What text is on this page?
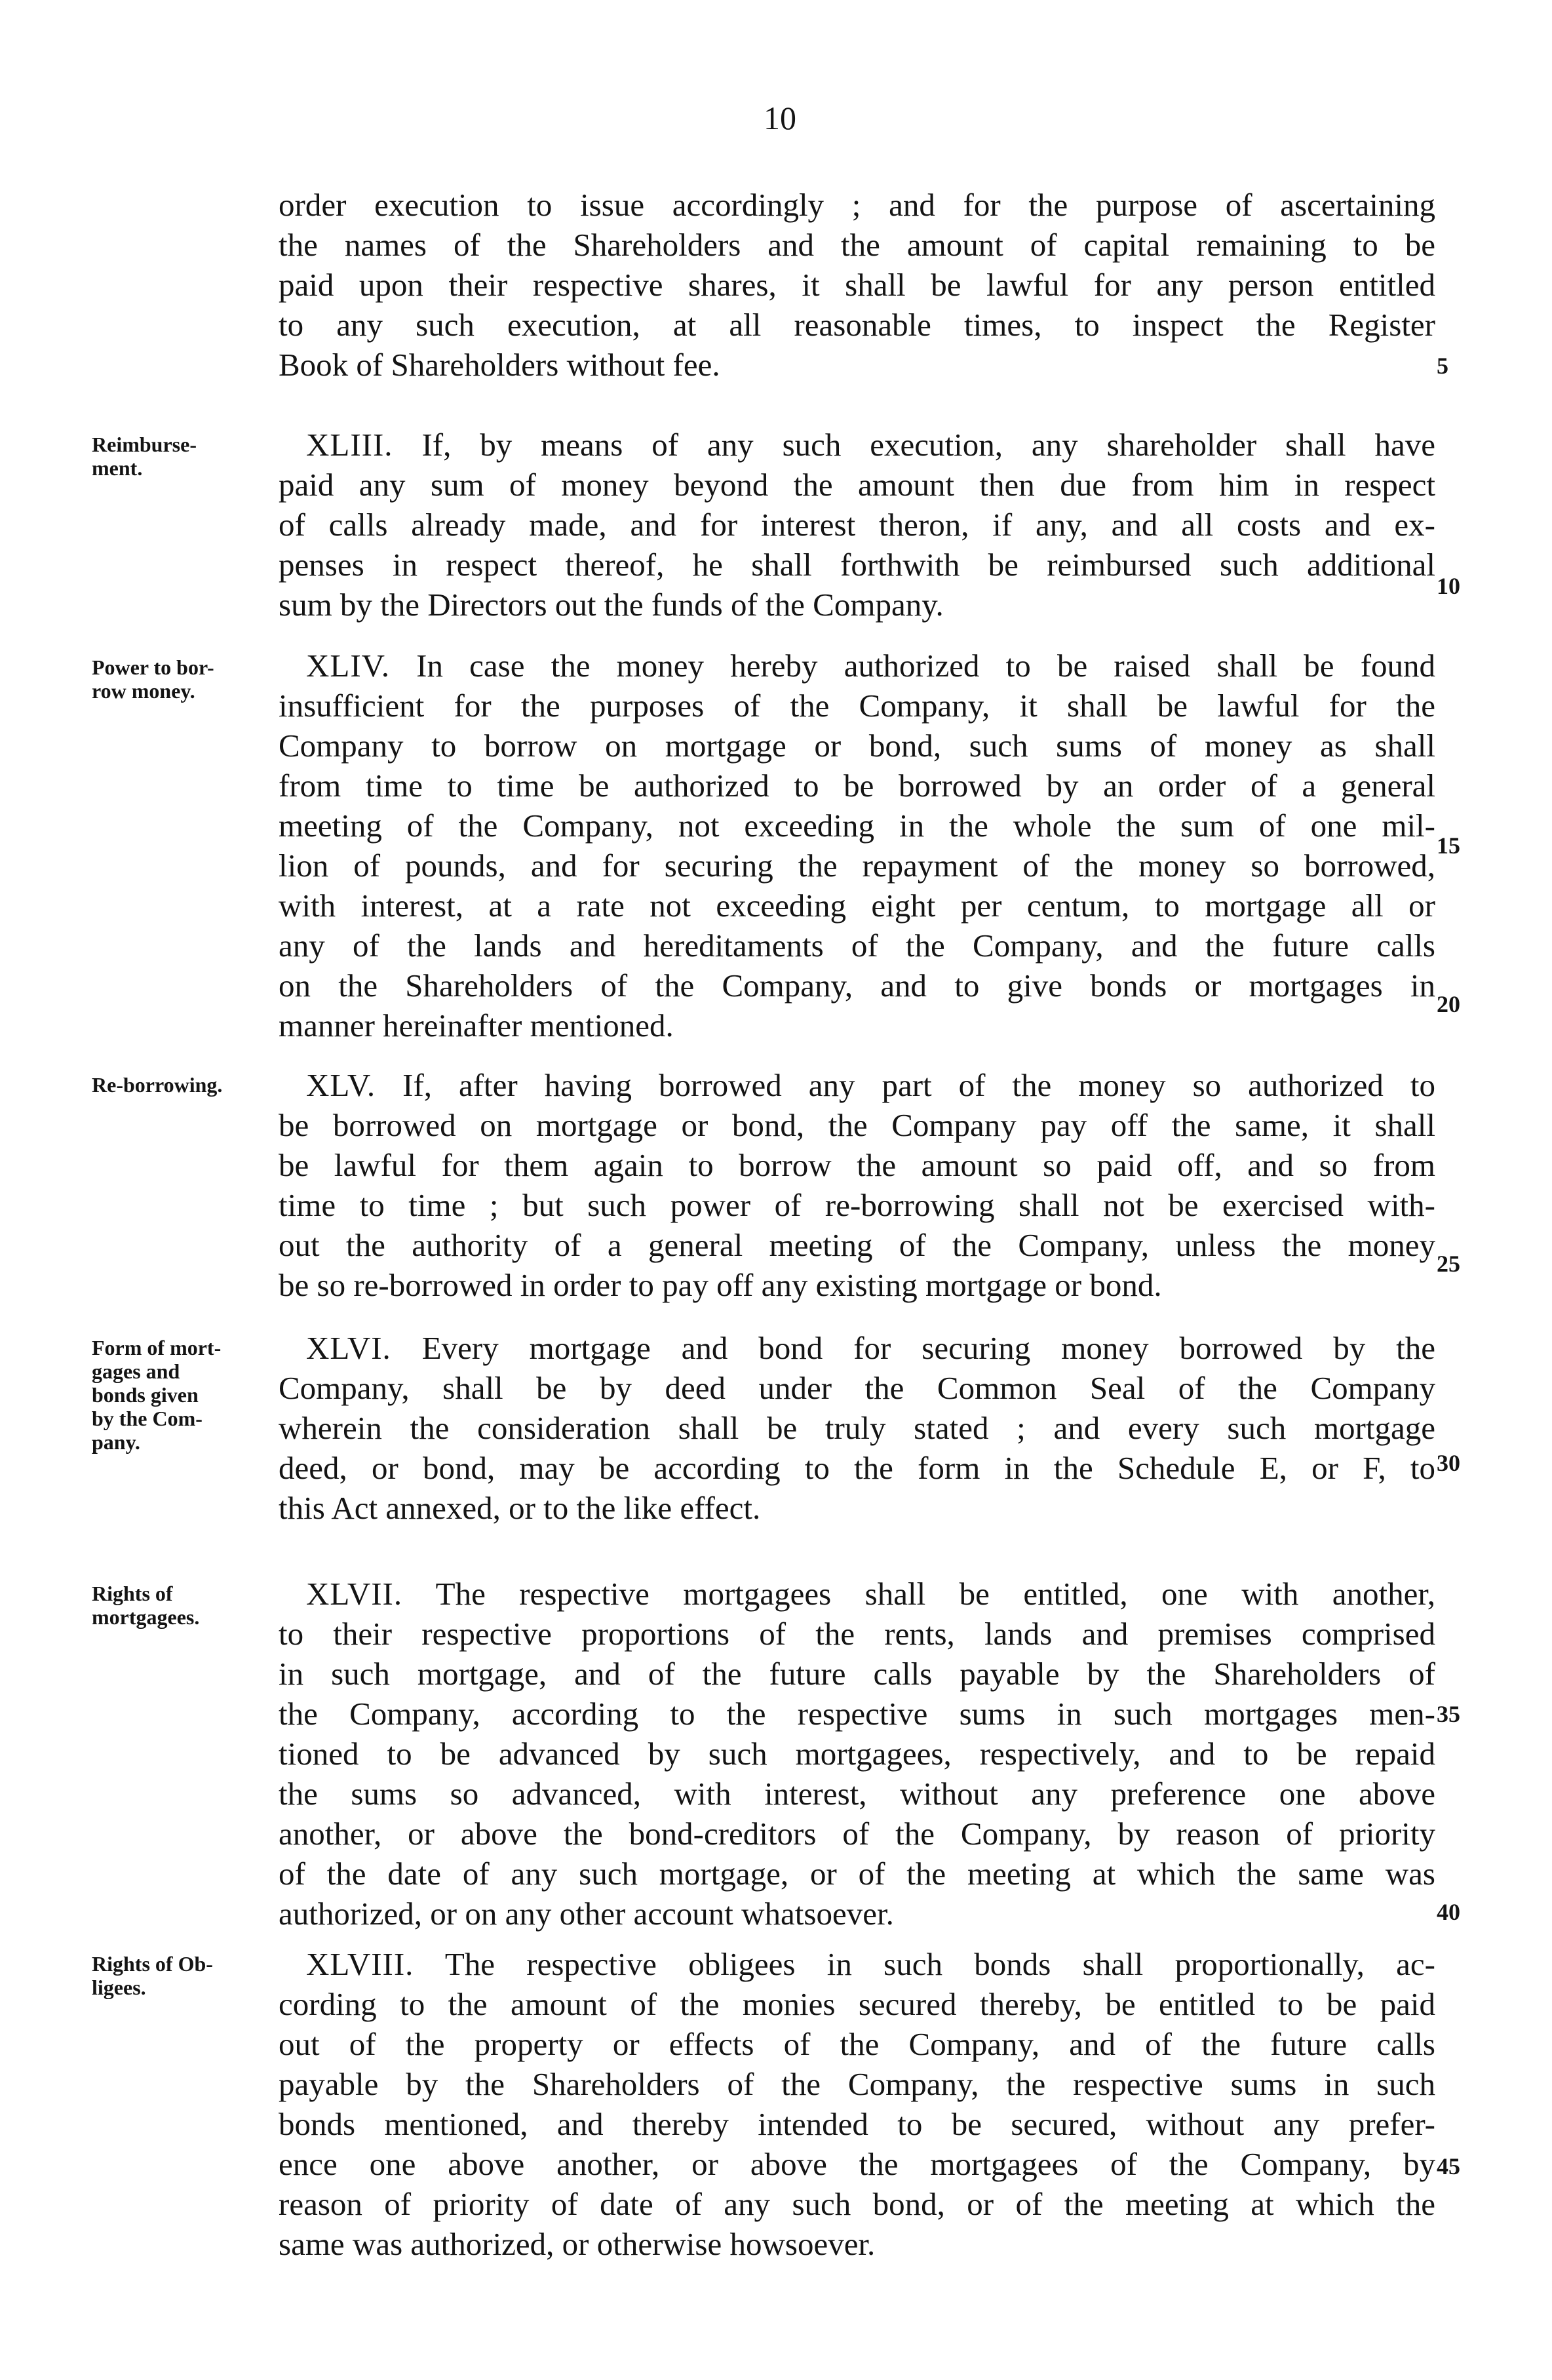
10
order execution to issue accordingly ; and for the purpose of ascertaining
the names of the Shareholders and the amount of capital remaining to be
paid upon their respective shares, it shall be lawful for any person entitled
to any such execution, at all reasonable times, to inspect the Register
Book of Shareholders without fee.
XLIII. If, by means of any such execution, any shareholder shall have
paid any sum of money beyond the amount then due from him in respect
of calls already made, and for interest theron, if any, and all costs and ex-
penses in respect thereof, he shall forthwith be reimbursed such additional
sum by the Directors out the funds of the Company.
XLIV. In case the money hereby authorized to be raised shall be found
insufficient for the purposes of the Company, it shall be lawful for the
Company to borrow on mortgage or bond, such sums of money as shall
from time to time be authorized to be borrowed by an order of a general
meeting of the Company, not exceeding in the whole the sum of one mil-
lion of pounds, and for securing the repayment of the money so borrowed,
with interest, at a rate not exceeding eight per centum, to mortgage all or
any of the lands and hereditaments of the Company, and the future calls
on the Shareholders of the Company, and to give bonds or mortgages in
manner hereinafter mentioned.
XLV. If, after having borrowed any part of the money so authorized to
be borrowed on mortgage or bond, the Company pay off the same, it shall
be lawful for them again to borrow the amount so paid off, and so from
time to time ; but such power of re-borrowing shall not be exercised with-
out the authority of a general meeting of the Company, unless the money
be so re-borrowed in order to pay off any existing mortgage or bond.
XLVI. Every mortgage and bond for securing money borrowed by the
Company, shall be by deed under the Common Seal of the Company
wherein the consideration shall be truly stated ; and every such mortgage
deed, or bond, may be according to the form in the Schedule E, or F, to
this Act annexed, or to the like effect.
XLVII. The respective mortgagees shall be entitled, one with another,
to their respective proportions of the rents, lands and premises comprised
in such mortgage, and of the future calls payable by the Shareholders of
the Company, according to the respective sums in such mortgages men-
tioned to be advanced by such mortgagees, respectively, and to be repaid
the sums so advanced, with interest, without any preference one above
another, or above the bond-creditors of the Company, by reason of priority
of the date of any such mortgage, or of the meeting at which the same was
authorized, or on any other account whatsoever.
XLVIII. The respective obligees in such bonds shall proportionally, ac-
cording to the amount of the monies secured thereby, be entitled to be paid
out of the property or effects of the Company, and of the future calls
payable by the Shareholders of the Company, the respective sums in such
bonds mentioned, and thereby intended to be secured, without any prefer-
ence one above another, or above the mortgagees of the Company, by
reason of priority of date of any such bond, or of the meeting at which the
same was authorized, or otherwise howsoever.
Reimburse-
ment.
Power to bor-
row money.
Re-borrowing.
Form of mort-
gages and
bonds given
by the Com-
pany.
Rights of
mortgagees.
Rights of Ob-
ligees.
5
10
15
20
25
30
35
40
45
